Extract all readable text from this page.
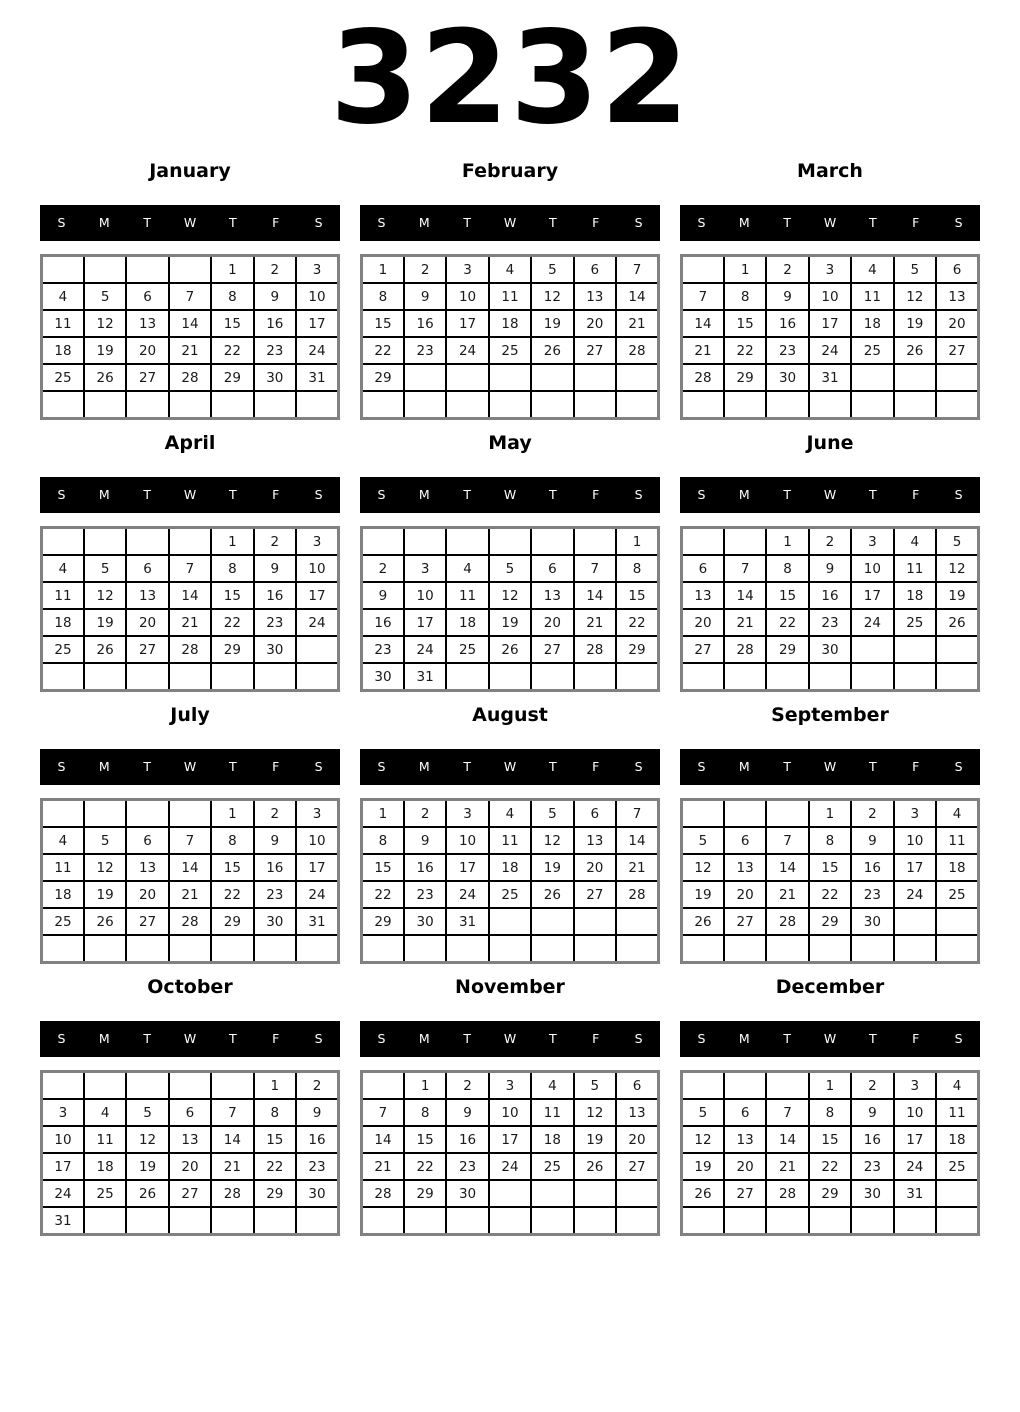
3232
January
S	M	T	W	T	F	S
				1	2	3
4	5	6	7	8	9	10
11	12	13	14	15	16	17
18	19	20	21	22	23	24
25	26	27	28	29	30	31

February
S	M	T	W	T	F	S
1	2	3	4	5	6	7
8	9	10	11	12	13	14
15	16	17	18	19	20	21
22	23	24	25	26	27	28
29						

March
S	M	T	W	T	F	S
	1	2	3	4	5	6
7	8	9	10	11	12	13
14	15	16	17	18	19	20
21	22	23	24	25	26	27
28	29	30	31			

April
S	M	T	W	T	F	S
				1	2	3
4	5	6	7	8	9	10
11	12	13	14	15	16	17
18	19	20	21	22	23	24
25	26	27	28	29	30	

May
S	M	T	W	T	F	S
						1
2	3	4	5	6	7	8
9	10	11	12	13	14	15
16	17	18	19	20	21	22
23	24	25	26	27	28	29
30	31					
June
S	M	T	W	T	F	S
		1	2	3	4	5
6	7	8	9	10	11	12
13	14	15	16	17	18	19
20	21	22	23	24	25	26
27	28	29	30			

July
S	M	T	W	T	F	S
				1	2	3
4	5	6	7	8	9	10
11	12	13	14	15	16	17
18	19	20	21	22	23	24
25	26	27	28	29	30	31

August
S	M	T	W	T	F	S
1	2	3	4	5	6	7
8	9	10	11	12	13	14
15	16	17	18	19	20	21
22	23	24	25	26	27	28
29	30	31				

September
S	M	T	W	T	F	S
			1	2	3	4
5	6	7	8	9	10	11
12	13	14	15	16	17	18
19	20	21	22	23	24	25
26	27	28	29	30		

October
S	M	T	W	T	F	S
					1	2
3	4	5	6	7	8	9
10	11	12	13	14	15	16
17	18	19	20	21	22	23
24	25	26	27	28	29	30
31						
November
S	M	T	W	T	F	S
	1	2	3	4	5	6
7	8	9	10	11	12	13
14	15	16	17	18	19	20
21	22	23	24	25	26	27
28	29	30				

December
S	M	T	W	T	F	S
			1	2	3	4
5	6	7	8	9	10	11
12	13	14	15	16	17	18
19	20	21	22	23	24	25
26	27	28	29	30	31	
